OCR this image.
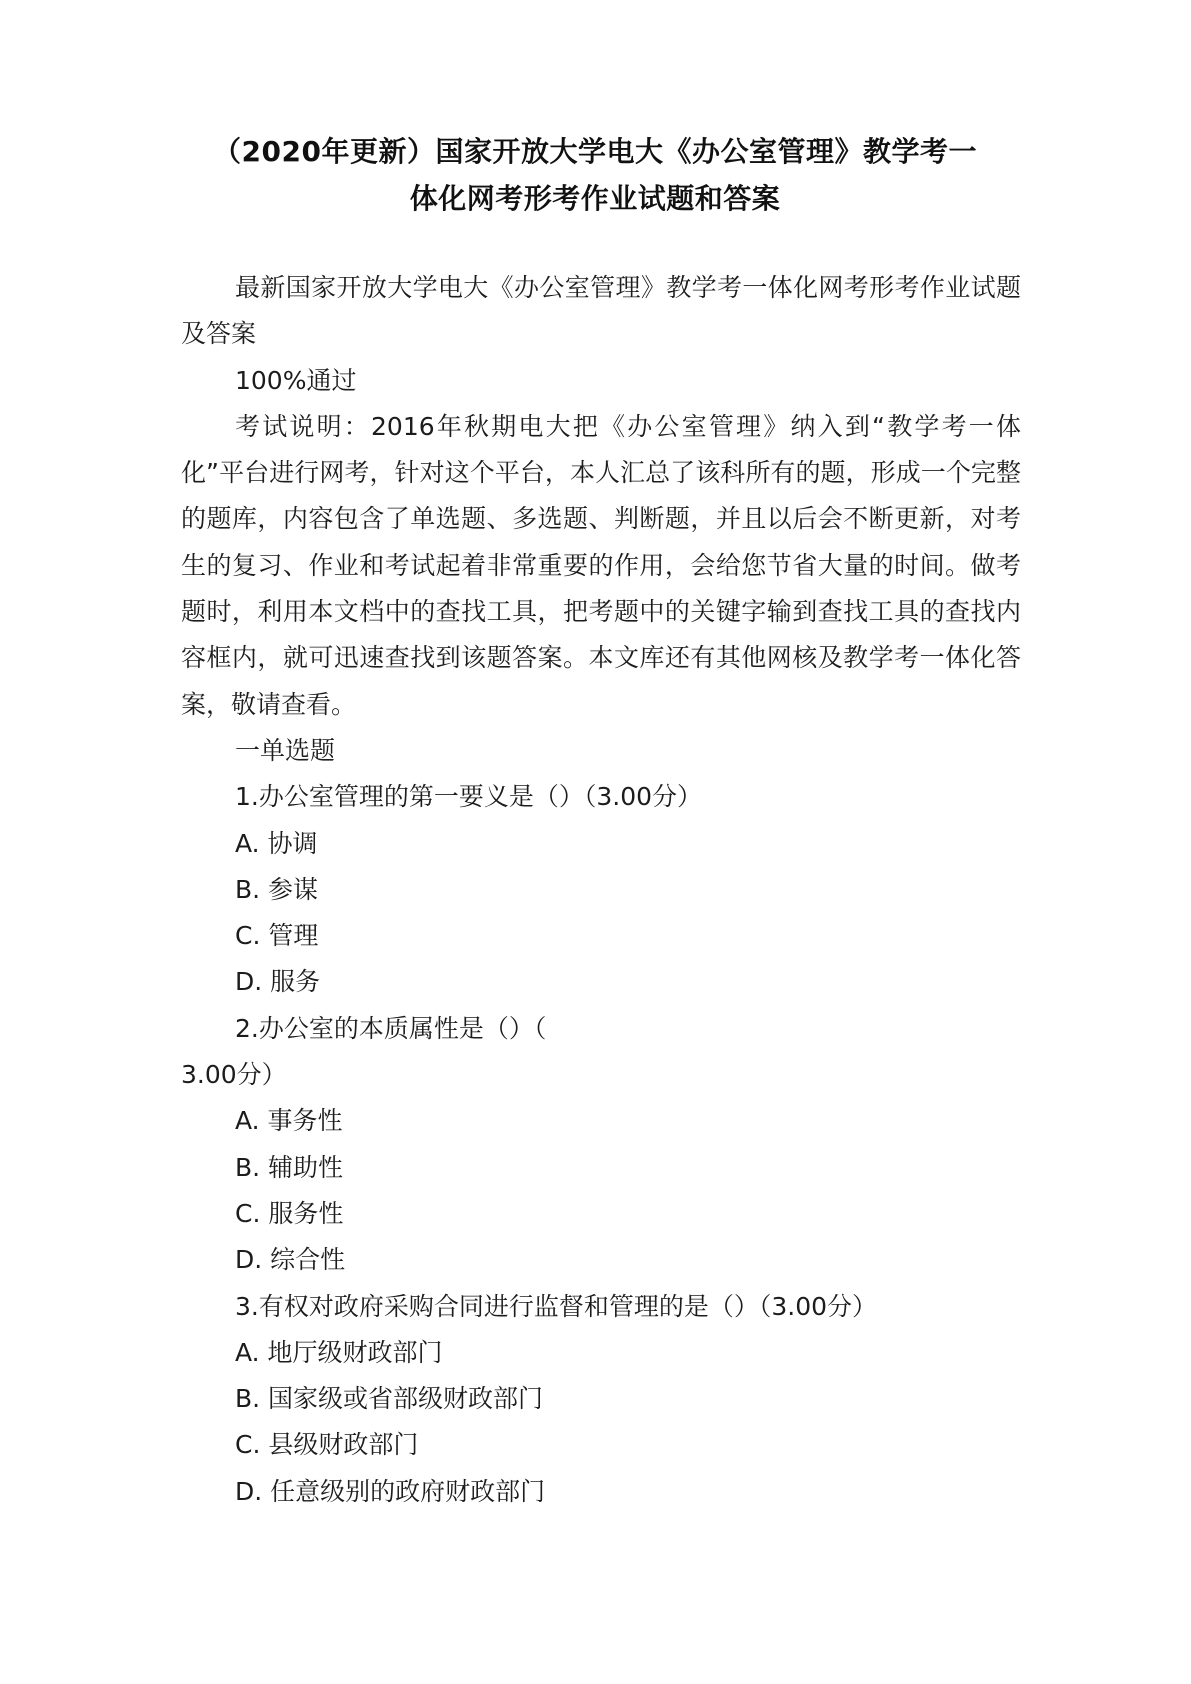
（2020年更新）国家开放大学电大《办公室管理》教学考一
体化网考形考作业试题和答案

最新国家开放大学电大《办公室管理》教学考一体化网考形考作业试题及答案

100%通过

考试说明：2016年秋期电大把《办公室管理》纳入到“教学考一体化”平台进行网考，针对这个平台，本人汇总了该科所有的题，形成一个完整的题库，内容包含了单选题、多选题、判断题，并且以后会不断更新，对考生的复习、作业和考试起着非常重要的作用，会给您节省大量的时间。做考题时，利用本文档中的查找工具，把考题中的关键字输到查找工具的查找内容框内，就可迅速查找到该题答案。本文库还有其他网核及教学考一体化答案，敬请查看。

一单选题

1.办公室管理的第一要义是（）（3.00分）

A. 协调

B. 参谋

C. 管理

D. 服务

2.办公室的本质属性是（）（

3.00分）

A. 事务性

B. 辅助性

C. 服务性

D. 综合性

3.有权对政府采购合同进行监督和管理的是（）（3.00分）

A. 地厅级财政部门

B. 国家级或省部级财政部门

C. 县级财政部门

D. 任意级别的政府财政部门
